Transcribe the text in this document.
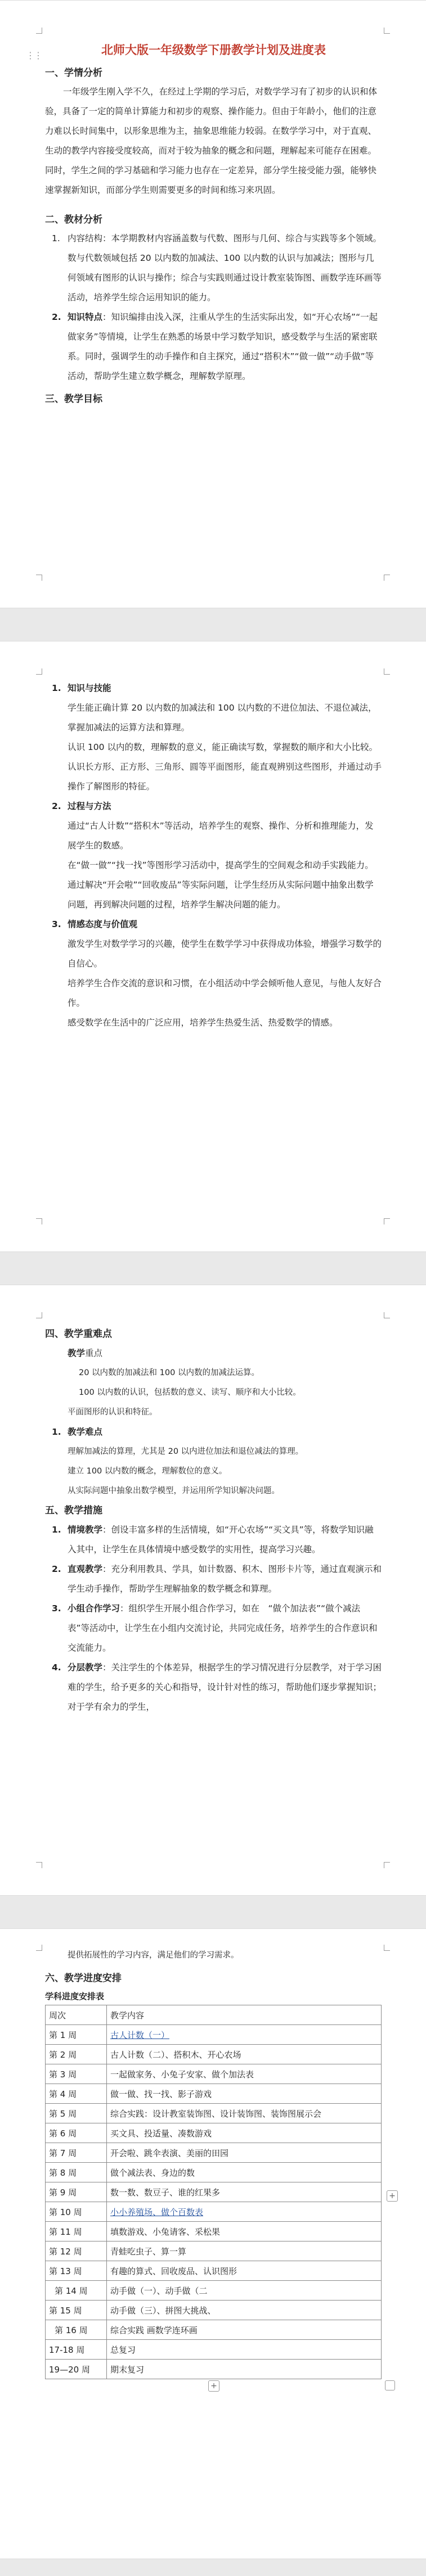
⋮⋮	北师大版一年级数学下册教学计划及进度表
一、学情分析

一年级学生刚入学不久，在经过上学期的学习后，对数学学习有了初步的认识和体验，具备了一定的简单计算能力和初步的观察、操作能力。但由于年龄小，他们的注意力难以长时间集中，以形象思维为主，抽象思维能力较弱。在数学学习中，对于直观、生动的教学内容接受度较高，而对于较为抽象的概念和问题，理解起来可能存在困难。同时，学生之间的学习基础和学习能力也存在一定差异，部分学生接受能力强，能够快速掌握新知识，而部分学生则需要更多的时间和练习来巩固。

二、教材分析
1. 内容结构：本学期教材内容涵盖数与代数、图形与几何、综合与实践等多个领域。数与代数领域包括 20 以内数的加减法、100 以内数的认识与加减法；图形与几何领域有图形的认识与操作；综合与实践则通过设计教室装饰图、画数学连环画等活动，培养学生综合运用知识的能力。
2. 知识特点：知识编排由浅入深，注重从学生的生活实际出发，如“开心农场”“一起做家务”等情境，让学生在熟悉的场景中学习数学知识，感受数学与生活的紧密联系。同时，强调学生的动手操作和自主探究，通过“搭积木”“做一做”“动手做”等活动，帮助学生建立数学概念，理解数学原理。
三、教学目标
1. 知识与技能
学生能正确计算 20 以内数的加减法和 100 以内数的不进位加法、不退位减法，掌握加减法的运算方法和算理。
认识 100 以内的数，理解数的意义，能正确读写数，掌握数的顺序和大小比较。
认识长方形、正方形、三角形、圆等平面图形，能直观辨别这些图形，并通过动手操作了解图形的特征。
2. 过程与方法
通过“古人计数”“搭积木”等活动，培养学生的观察、操作、分析和推理能力，发展学生的数感。
在“做一做”“找一找”等图形学习活动中，提高学生的空间观念和动手实践能力。
通过解决“开会啦”“回收废品”等实际问题，让学生经历从实际问题中抽象出数学问题，再到解决问题的过程，培养学生解决问题的能力。
3. 情感态度与价值观
激发学生对数学学习的兴趣，使学生在数学学习中获得成功体验，增强学习数学的自信心。
培养学生合作交流的意识和习惯，在小组活动中学会倾听他人意见，与他人友好合作。
感受数学在生活中的广泛应用，培养学生热爱生活、热爱数学的情感。
四、教学重难点
教学重点
20 以内数的加减法和 100 以内数的加减法运算。
100 以内数的认识，包括数的意义、读写、顺序和大小比较。
平面图形的认识和特征。
1. 教学难点
理解加减法的算理，尤其是 20 以内进位加法和退位减法的算理。
建立 100 以内数的概念，理解数位的意义。
从实际问题中抽象出数学模型，并运用所学知识解决问题。
五、教学措施
1. 情境教学：创设丰富多样的生活情境，如“开心农场”“买文具”等，将数学知识融入其中，让学生在具体情境中感受数学的实用性，提高学习兴趣。
2. 直观教学：充分利用教具、学具，如计数器、积木、图形卡片等，通过直观演示和学生动手操作，帮助学生理解抽象的数学概念和算理。
3. 小组合作学习：组织学生开展小组合作学习，如在　“做个加法表”“做个减法表”等活动中，让学生在小组内交流讨论，共同完成任务，培养学生的合作意识和交流能力。
4. 分层教学：关注学生的个体差异，根据学生的学习情况进行分层教学，对于学习困难的学生，给予更多的关心和指导，设计针对性的练习，帮助他们逐步掌握知识；对于学有余力的学生，
提供拓展性的学习内容，满足他们的学习需求。
六、教学进度安排
学科进度安排表
周次	教学内容
第 1 周	古人计数（一）
第 2 周	古人计数（二）、搭积木、开心农场
第 3 周	一起做家务、小兔子安家、做个加法表
第 4 周	做一做、找一找、影子游戏
第 5 周	综合实践：设计教室装饰图、设计装饰图、装饰图展示会
第 6 周	买文具、投适量、凑数游戏
第 7 周	开会啦、跳伞表演、美丽的田园
第 8 周	做个减法表、身边的数
第 9 周	数一数、数豆子、谁的红果多
第 10 周	小小养殖场、做个百数表
第 11 周	填数游戏、小兔请客、采松果
第 12 周	青蛙吃虫子、算一算
第 13 周	有趣的算式、回收废品、认识图形
第 14 周	动手做（一）、动手做（二
第 15 周	动手做（三）、拼图大挑战、
第 16 周	综合实践 画数学连环画
17-18 周	总复习
19—20 周	期末复习
+
+
